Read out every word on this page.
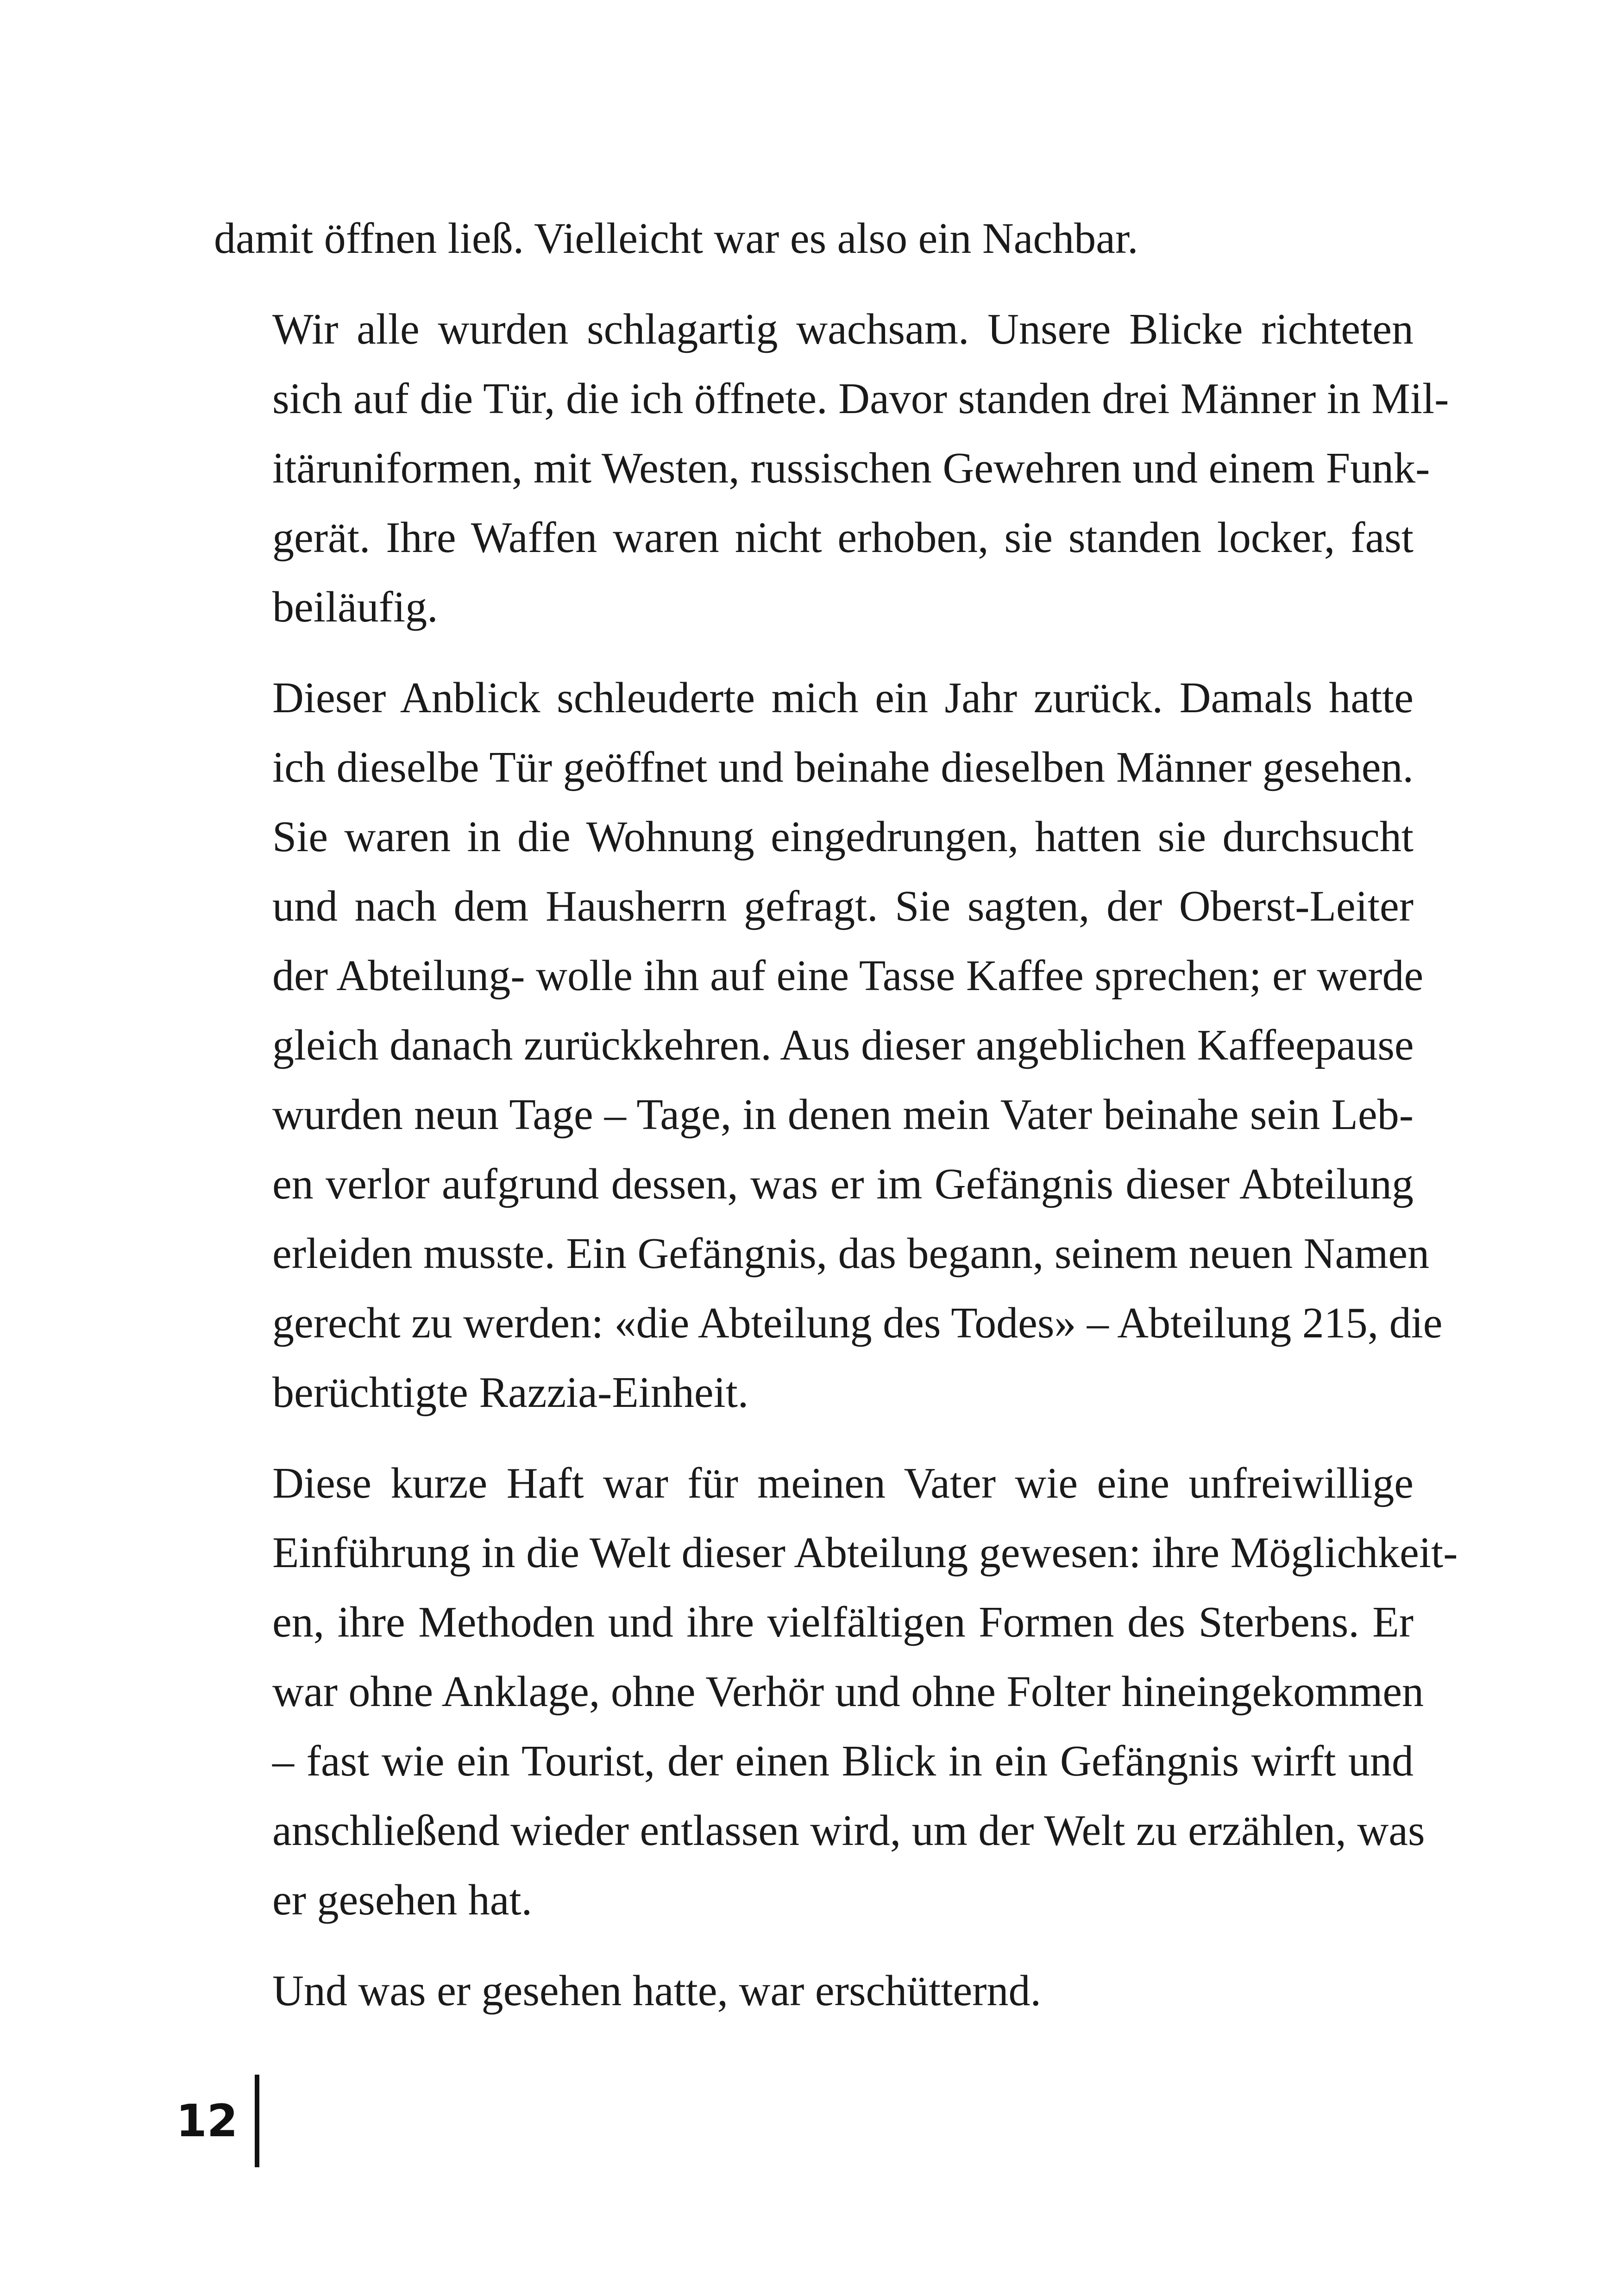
damit öffnen ließ. Vielleicht war es also ein Nachbar.
Wir alle wurden schlagartig wachsam. Unsere Blicke richteten
sich auf die Tür, die ich öffnete. Davor standen drei Männer in Mil-
itäruniformen, mit Westen, russischen Gewehren und einem Funk-
gerät. Ihre Waffen waren nicht erhoben, sie standen locker, fast
beiläufig.
Dieser Anblick schleuderte mich ein Jahr zurück. Damals hatte
ich dieselbe Tür geöffnet und beinahe dieselben Männer gesehen.
Sie waren in die Wohnung eingedrungen, hatten sie durchsucht
und nach dem Hausherrn gefragt. Sie sagten, der Oberst-Leiter
der Abteilung- wolle ihn auf eine Tasse Kaffee sprechen; er werde
gleich danach zurückkehren. Aus dieser angeblichen Kaffeepause
wurden neun Tage – Tage, in denen mein Vater beinahe sein Leb-
en verlor aufgrund dessen, was er im Gefängnis dieser Abteilung
erleiden musste. Ein Gefängnis, das begann, seinem neuen Namen
gerecht zu werden: «die Abteilung des Todes» – Abteilung 215, die
berüchtigte Razzia-Einheit.
Diese kurze Haft war für meinen Vater wie eine unfreiwillige
Einführung in die Welt dieser Abteilung gewesen: ihre Möglichkeit-
en, ihre Methoden und ihre vielfältigen Formen des Sterbens. Er
war ohne Anklage, ohne Verhör und ohne Folter hineingekommen
– fast wie ein Tourist, der einen Blick in ein Gefängnis wirft und
anschließend wieder entlassen wird, um der Welt zu erzählen, was
er gesehen hat.
Und was er gesehen hatte, war erschütternd.
12
